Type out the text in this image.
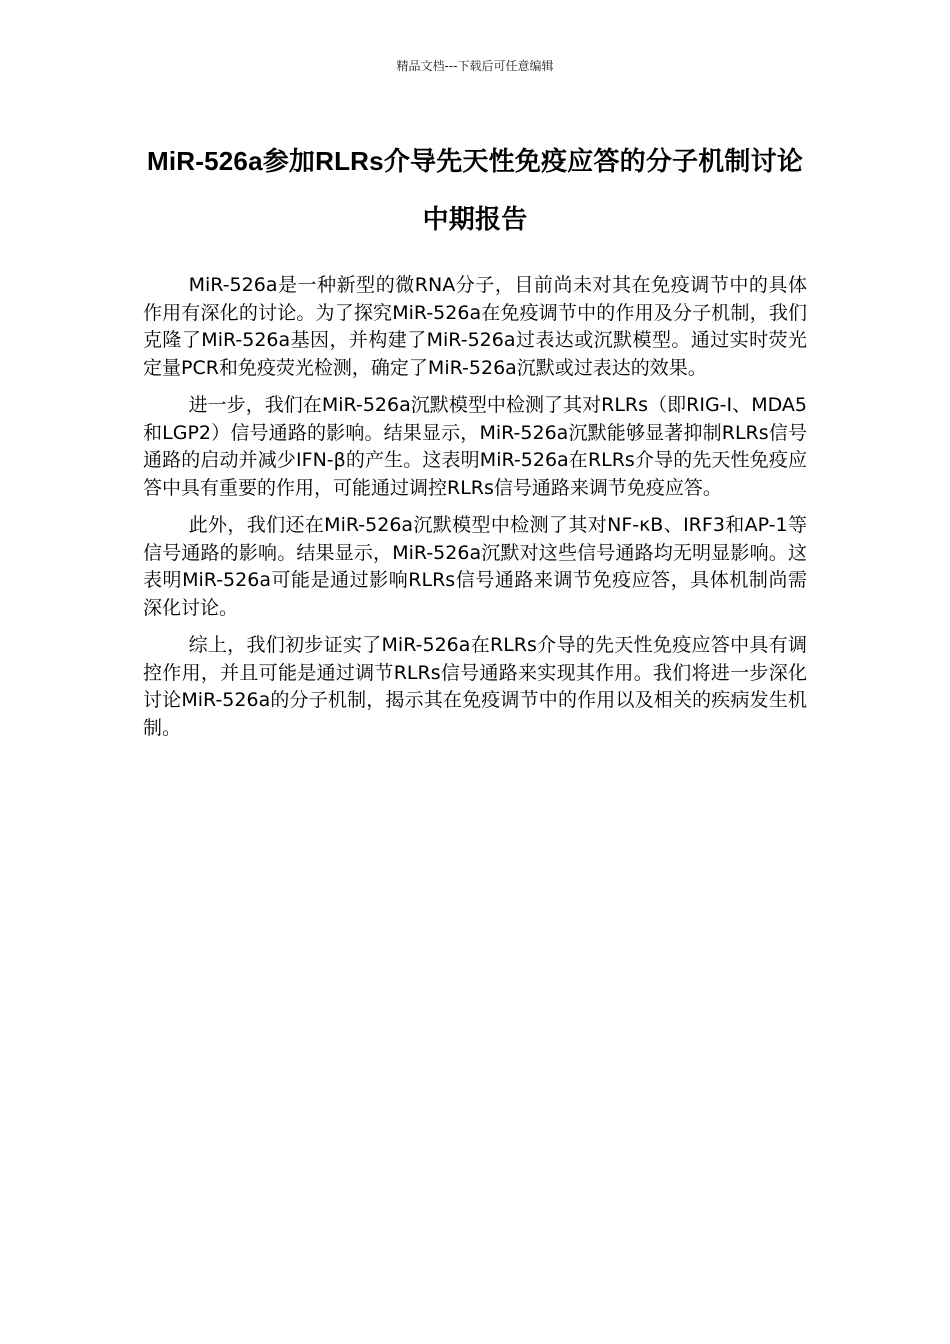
精品文档---下载后可任意编辑
MiR-526a参加RLRs介导先天性免疫应答的分子机制讨论中期报告

MiR-526a是一种新型的微RNA分子，目前尚未对其在免疫调节中的具体作用有深化的讨论。为了探究MiR-526a在免疫调节中的作用及分子机制，我们克隆了MiR-526a基因，并构建了MiR-526a过表达或沉默模型。通过实时荧光定量PCR和免疫荧光检测，确定了MiR-526a沉默或过表达的效果。

进一步，我们在MiR-526a沉默模型中检测了其对RLRs（即RIG-I、MDA5和LGP2）信号通路的影响。结果显示，MiR-526a沉默能够显著抑制RLRs信号通路的启动并减少IFN-β的产生。这表明MiR-526a在RLRs介导的先天性免疫应答中具有重要的作用，可能通过调控RLRs信号通路来调节免疫应答。

此外，我们还在MiR-526a沉默模型中检测了其对NF-κB、IRF3和AP-1等信号通路的影响。结果显示，MiR-526a沉默对这些信号通路均无明显影响。这表明MiR-526a可能是通过影响RLRs信号通路来调节免疫应答，具体机制尚需深化讨论。

综上，我们初步证实了MiR-526a在RLRs介导的先天性免疫应答中具有调控作用，并且可能是通过调节RLRs信号通路来实现其作用。我们将进一步深化讨论MiR-526a的分子机制，揭示其在免疫调节中的作用以及相关的疾病发生机制。
